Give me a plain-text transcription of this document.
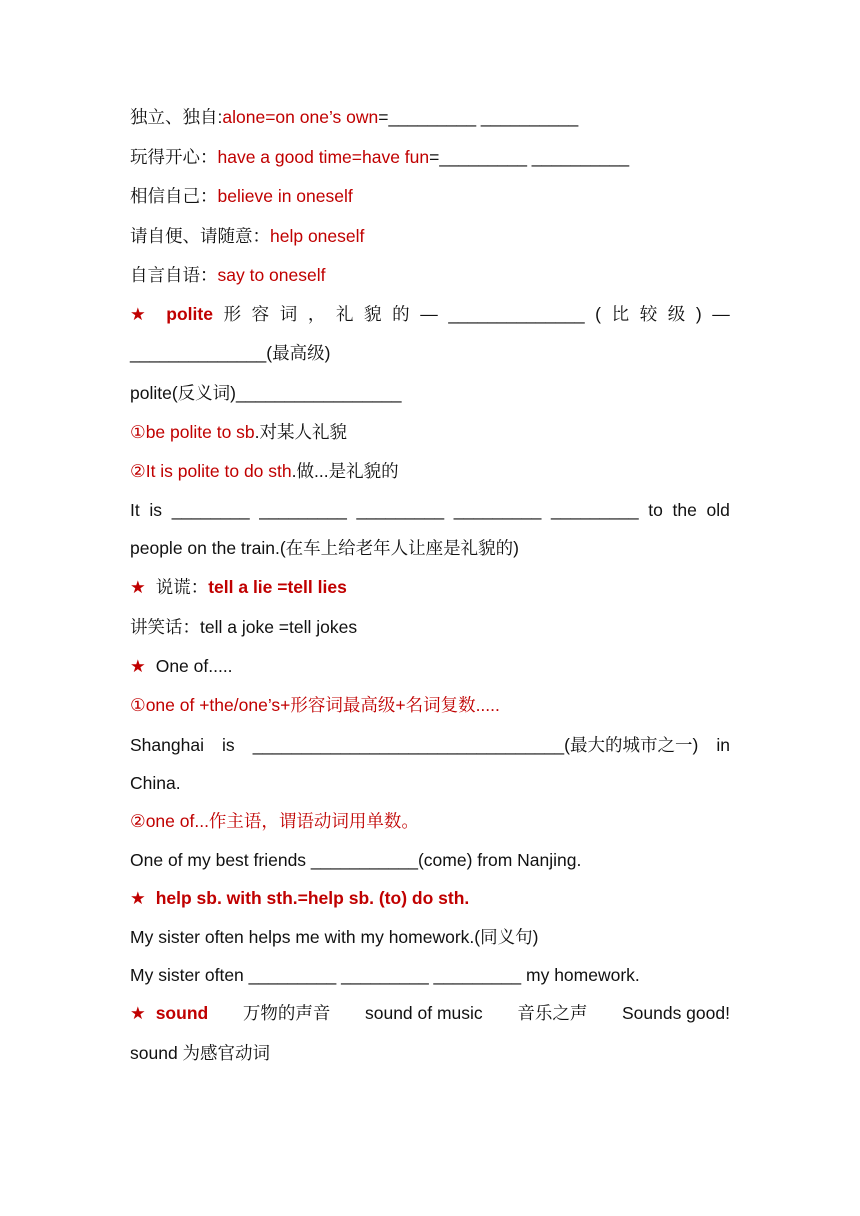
独立、独自:alone=on one’s own=_________ __________
玩得开心：have a good time=have fun=_________ __________
相信自己：believe in oneself
请自便、请随意：help oneself
自言自语：say to oneself
★ polite 形 容 词 ， 礼 貌 的 — ______________ ( 比 较 级 ) —
______________(最高级)
polite(反义词)_________________
①be polite to sb.对某人礼貌
②It is polite to do sth.做...是礼貌的
It is ________ _________ _________ _________ _________ to the old
people on the train.(在车上给老年人让座是礼貌的)
★ 说谎：tell a lie =tell lies
讲笑话：tell a joke =tell jokes
★ One of.....
①one of +the/one’s+形容词最高级+名词复数.....
Shanghai is ________________________________(最大的城市之一) in
China.
②one of...作主语，谓语动词用单数。
One of my best friends ___________(come) from Nanjing.
★ help sb. with sth.=help sb. (to) do sth.
My sister often helps me with my homework.(同义句)
My sister often _________ _________ _________ my homework.
★ sound 万物的声音 sound of music 音乐之声 Sounds good!
sound 为感官动词
